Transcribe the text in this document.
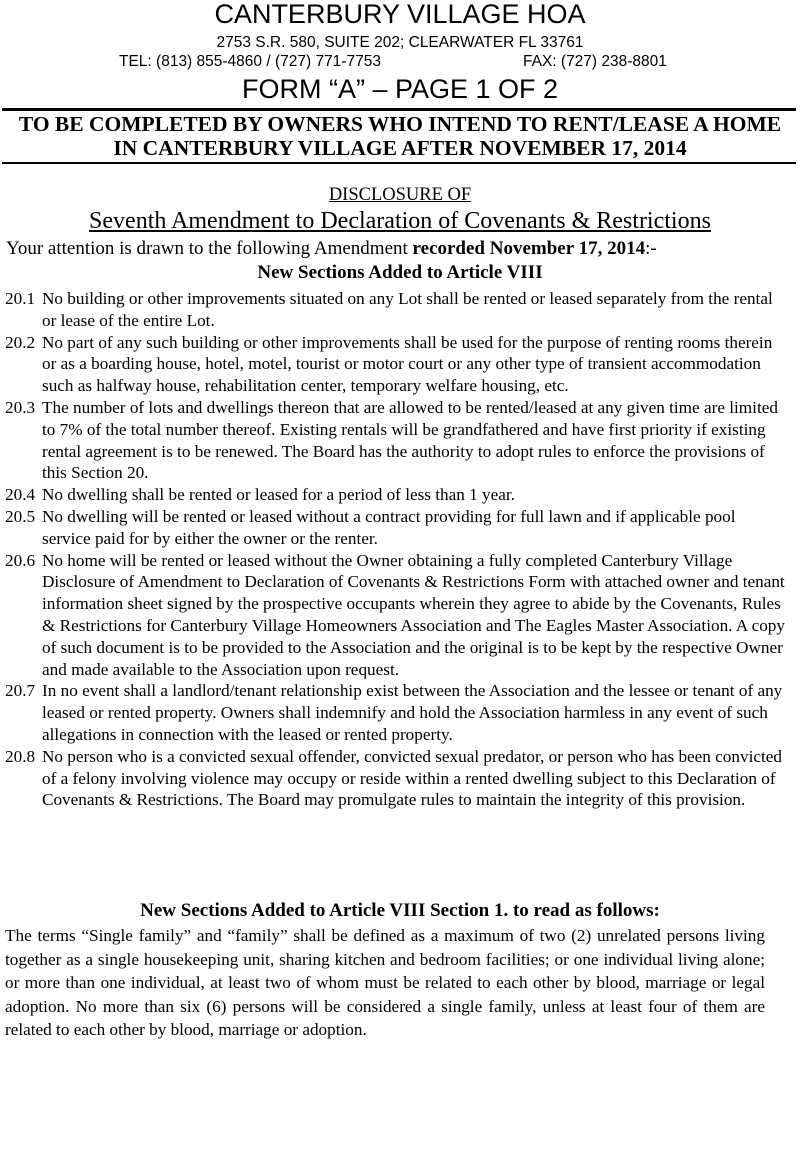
CANTERBURY VILLAGE HOA
2753 S.R. 580, SUITE 202; CLEARWATER FL 33761
TEL: (813) 855-4860 / (727) 771-7753	FAX: (727) 238-8801
FORM “A” – PAGE 1 OF 2
TO BE COMPLETED BY OWNERS WHO INTEND TO RENT/LEASE A HOME
IN CANTERBURY VILLAGE AFTER NOVEMBER 17, 2014
DISCLOSURE OF
Seventh Amendment to Declaration of Covenants & Restrictions
Your attention is drawn to the following Amendment recorded November 17, 2014:-
New Sections Added to Article VIII

20.1 No building or other improvements situated on any Lot shall be rented or leased separately from the rental or lease of the entire Lot.

20.2 No part of any such building or other improvements shall be used for the purpose of renting rooms therein or as a boarding house, hotel, motel, tourist or motor court or any other type of transient accommodation such as halfway house, rehabilitation center, temporary welfare housing, etc.

20.3 The number of lots and dwellings thereon that are allowed to be rented/leased at any given time are limited to 7% of the total number thereof. Existing rentals will be grandfathered and have first priority if existing rental agreement is to be renewed. The Board has the authority to adopt rules to enforce the provisions of this Section 20.

20.4 No dwelling shall be rented or leased for a period of less than 1 year.

20.5 No dwelling will be rented or leased without a contract providing for full lawn and if applicable pool service paid for by either the owner or the renter.

20.6 No home will be rented or leased without the Owner obtaining a fully completed Canterbury Village Disclosure of Amendment to Declaration of Covenants & Restrictions Form with attached owner and tenant information sheet signed by the prospective occupants wherein they agree to abide by the Covenants, Rules & Restrictions for Canterbury Village Homeowners Association and The Eagles Master Association. A copy of such document is to be provided to the Association and the original is to be kept by the respective Owner and made available to the Association upon request.

20.7 In no event shall a landlord/tenant relationship exist between the Association and the lessee or tenant of any leased or rented property. Owners shall indemnify and hold the Association harmless in any event of such allegations in connection with the leased or rented property.

20.8 No person who is a convicted sexual offender, convicted sexual predator, or person who has been convicted of a felony involving violence may occupy or reside within a rented dwelling subject to this Declaration of Covenants & Restrictions. The Board may promulgate rules to maintain the integrity of this provision.

New Sections Added to Article VIII Section 1. to read as follows:
The terms “Single family” and “family” shall be defined as a maximum of two (2) unrelated persons living together as a single housekeeping unit, sharing kitchen and bedroom facilities; or one individual living alone; or more than one individual, at least two of whom must be related to each other by blood, marriage or legal adoption. No more than six (6) persons will be considered a single family, unless at least four of them are related to each other by blood, marriage or adoption.
